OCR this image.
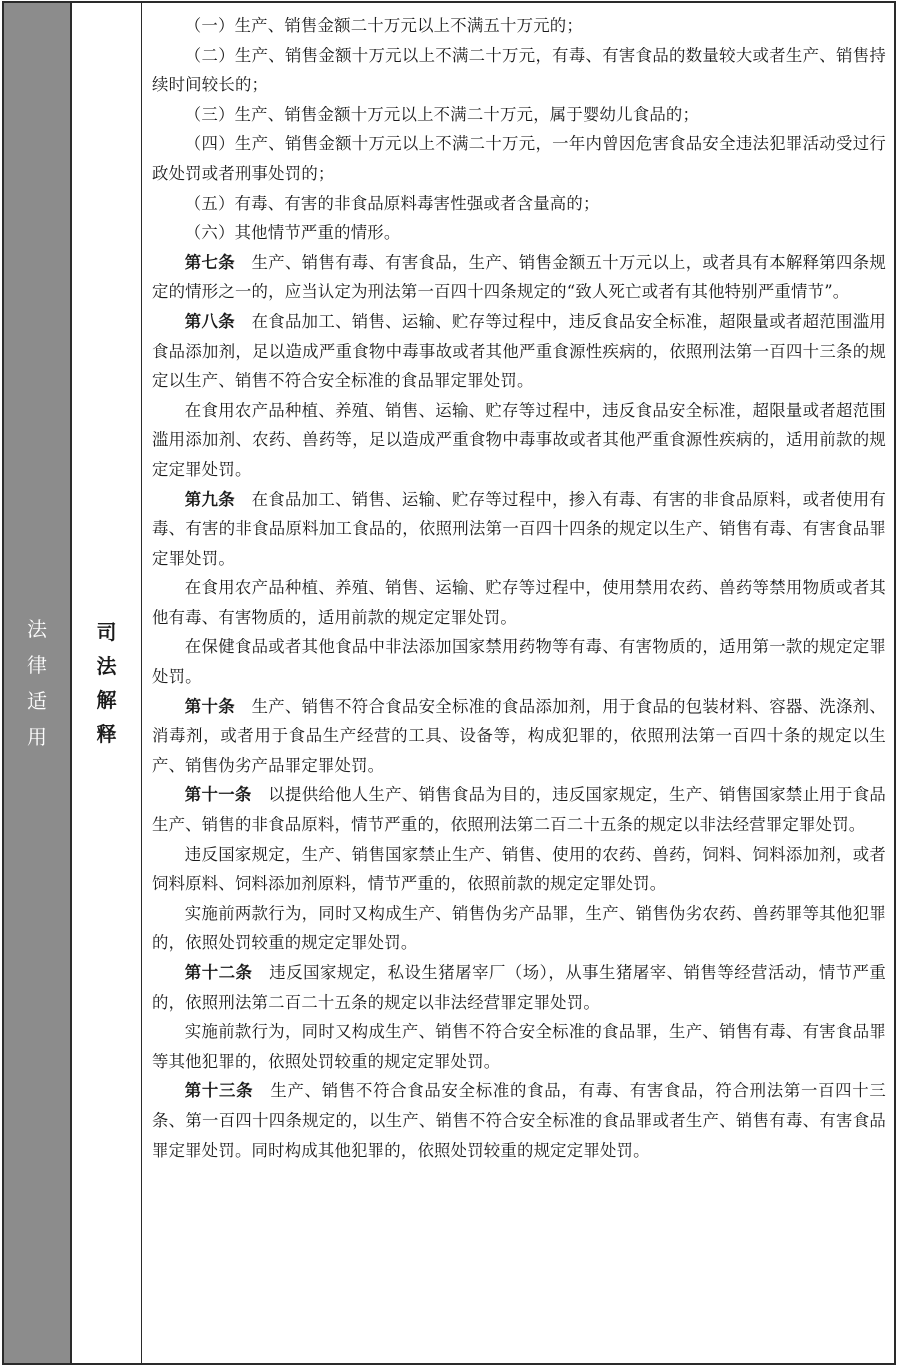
法律适用
司法解释

（一）生产、销售金额二十万元以上不满五十万元的；

（二）生产、销售金额十万元以上不满二十万元，有毒、有害食品的数量较大或者生产、销售持续时间较长的；

（三）生产、销售金额十万元以上不满二十万元，属于婴幼儿食品的；

（四）生产、销售金额十万元以上不满二十万元，一年内曾因危害食品安全违法犯罪活动受过行政处罚或者刑事处罚的；

（五）有毒、有害的非食品原料毒害性强或者含量高的；

（六）其他情节严重的情形。

第七条　 生产、销售有毒、有害食品，生产、销售金额五十万元以上，或者具有本解释第四条规定的情形之一的，应当认定为刑法第一百四十四条规定的“致人死亡或者有其他特别严重情节”。

第八条　 在食品加工、销售、运输、贮存等过程中，违反食品安全标准，超限量或者超范围滥用食品添加剂，足以造成严重食物中毒事故或者其他严重食源性疾病的，依照刑法第一百四十三条的规定以生产、销售不符合安全标准的食品罪定罪处罚。

在食用农产品种植、养殖、销售、运输、贮存等过程中，违反食品安全标准，超限量或者超范围滥用添加剂、农药、兽药等，足以造成严重食物中毒事故或者其他严重食源性疾病的，适用前款的规定定罪处罚。

第九条　 在食品加工、销售、运输、贮存等过程中，掺入有毒、有害的非食品原料，或者使用有毒、有害的非食品原料加工食品的，依照刑法第一百四十四条的规定以生产、销售有毒、有害食品罪定罪处罚。

在食用农产品种植、养殖、销售、运输、贮存等过程中，使用禁用农药、兽药等禁用物质或者其他有毒、有害物质的，适用前款的规定定罪处罚。

在保健食品或者其他食品中非法添加国家禁用药物等有毒、有害物质的，适用第一款的规定定罪处罚。

第十条　 生产、销售不符合食品安全标准的食品添加剂，用于食品的包装材料、容器、洗涤剂、消毒剂，或者用于食品生产经营的工具、设备等，构成犯罪的，依照刑法第一百四十条的规定以生产、销售伪劣产品罪定罪处罚。

第十一条　 以提供给他人生产、销售食品为目的，违反国家规定，生产、销售国家禁止用于食品生产、销售的非食品原料，情节严重的，依照刑法第二百二十五条的规定以非法经营罪定罪处罚。

违反国家规定，生产、销售国家禁止生产、销售、使用的农药、兽药，饲料、饲料添加剂，或者饲料原料、饲料添加剂原料，情节严重的，依照前款的规定定罪处罚。

实施前两款行为，同时又构成生产、销售伪劣产品罪，生产、销售伪劣农药、兽药罪等其他犯罪的，依照处罚较重的规定定罪处罚。

第十二条　 违反国家规定，私设生猪屠宰厂（场），从事生猪屠宰、销售等经营活动，情节严重的，依照刑法第二百二十五条的规定以非法经营罪定罪处罚。

实施前款行为，同时又构成生产、销售不符合安全标准的食品罪，生产、销售有毒、有害食品罪等其他犯罪的，依照处罚较重的规定定罪处罚。

第十三条　 生产、销售不符合食品安全标准的食品，有毒、有害食品，符合刑法第一百四十三条、第一百四十四条规定的，以生产、销售不符合安全标准的食品罪或者生产、销售有毒、有害食品罪定罪处罚。同时构成其他犯罪的，依照处罚较重的规定定罪处罚。
